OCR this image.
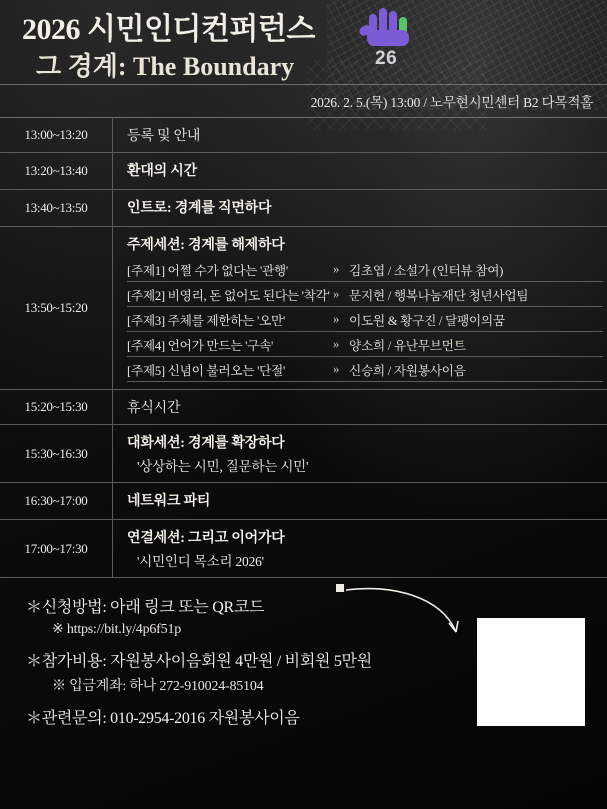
2026 시민인디컨퍼런스
그 경계: The Boundary	26
2026. 2. 5.(목) 13:00 / 노무현시민센터 B2 다목적홀
13:00~13:20	등록 및 안내
13:20~13:40	환대의 시간

13:40~13:50	인트로: 경계를 직면하다

13:50~15:20	
주제세션: 경계를 해제하다
[주제1] 어쩔 수가 없다는 '관행'	»	김초엽 / 소설가 (인터뷰 참여)
[주제2] 비영리, 돈 없어도 된다는 '착각'	»	문지현 / 행복나눔재단 청년사업팀
[주제3] 주체를 제한하는 '오만'	»	이도원 & 황구진 / 달팽이의꿈
[주제4] 언어가 만드는 '구속'	»	양소희 / 유난무브먼트
[주제5] 신념이 불러오는 '단절'	»	신승희 / 자원봉사이음

15:20~15:30	휴식시간
15:30~16:30	
대화세션: 경계를 확장하다
'상상하는 시민, 질문하는 시민'

16:30~17:00	네트워크 파티

17:00~17:30	
연결세션: 그리고 이어가다
'시민인디 목소리 2026'

＊신청방법: 아래 링크 또는 QR코드

※ https://bit.ly/4p6f51p

＊참가비용: 자원봉사이음회원 4만원 / 비회원 5만원

※ 입금계좌: 하나 272-910024-85104

＊관련문의: 010-2954-2016 자원봉사이음
